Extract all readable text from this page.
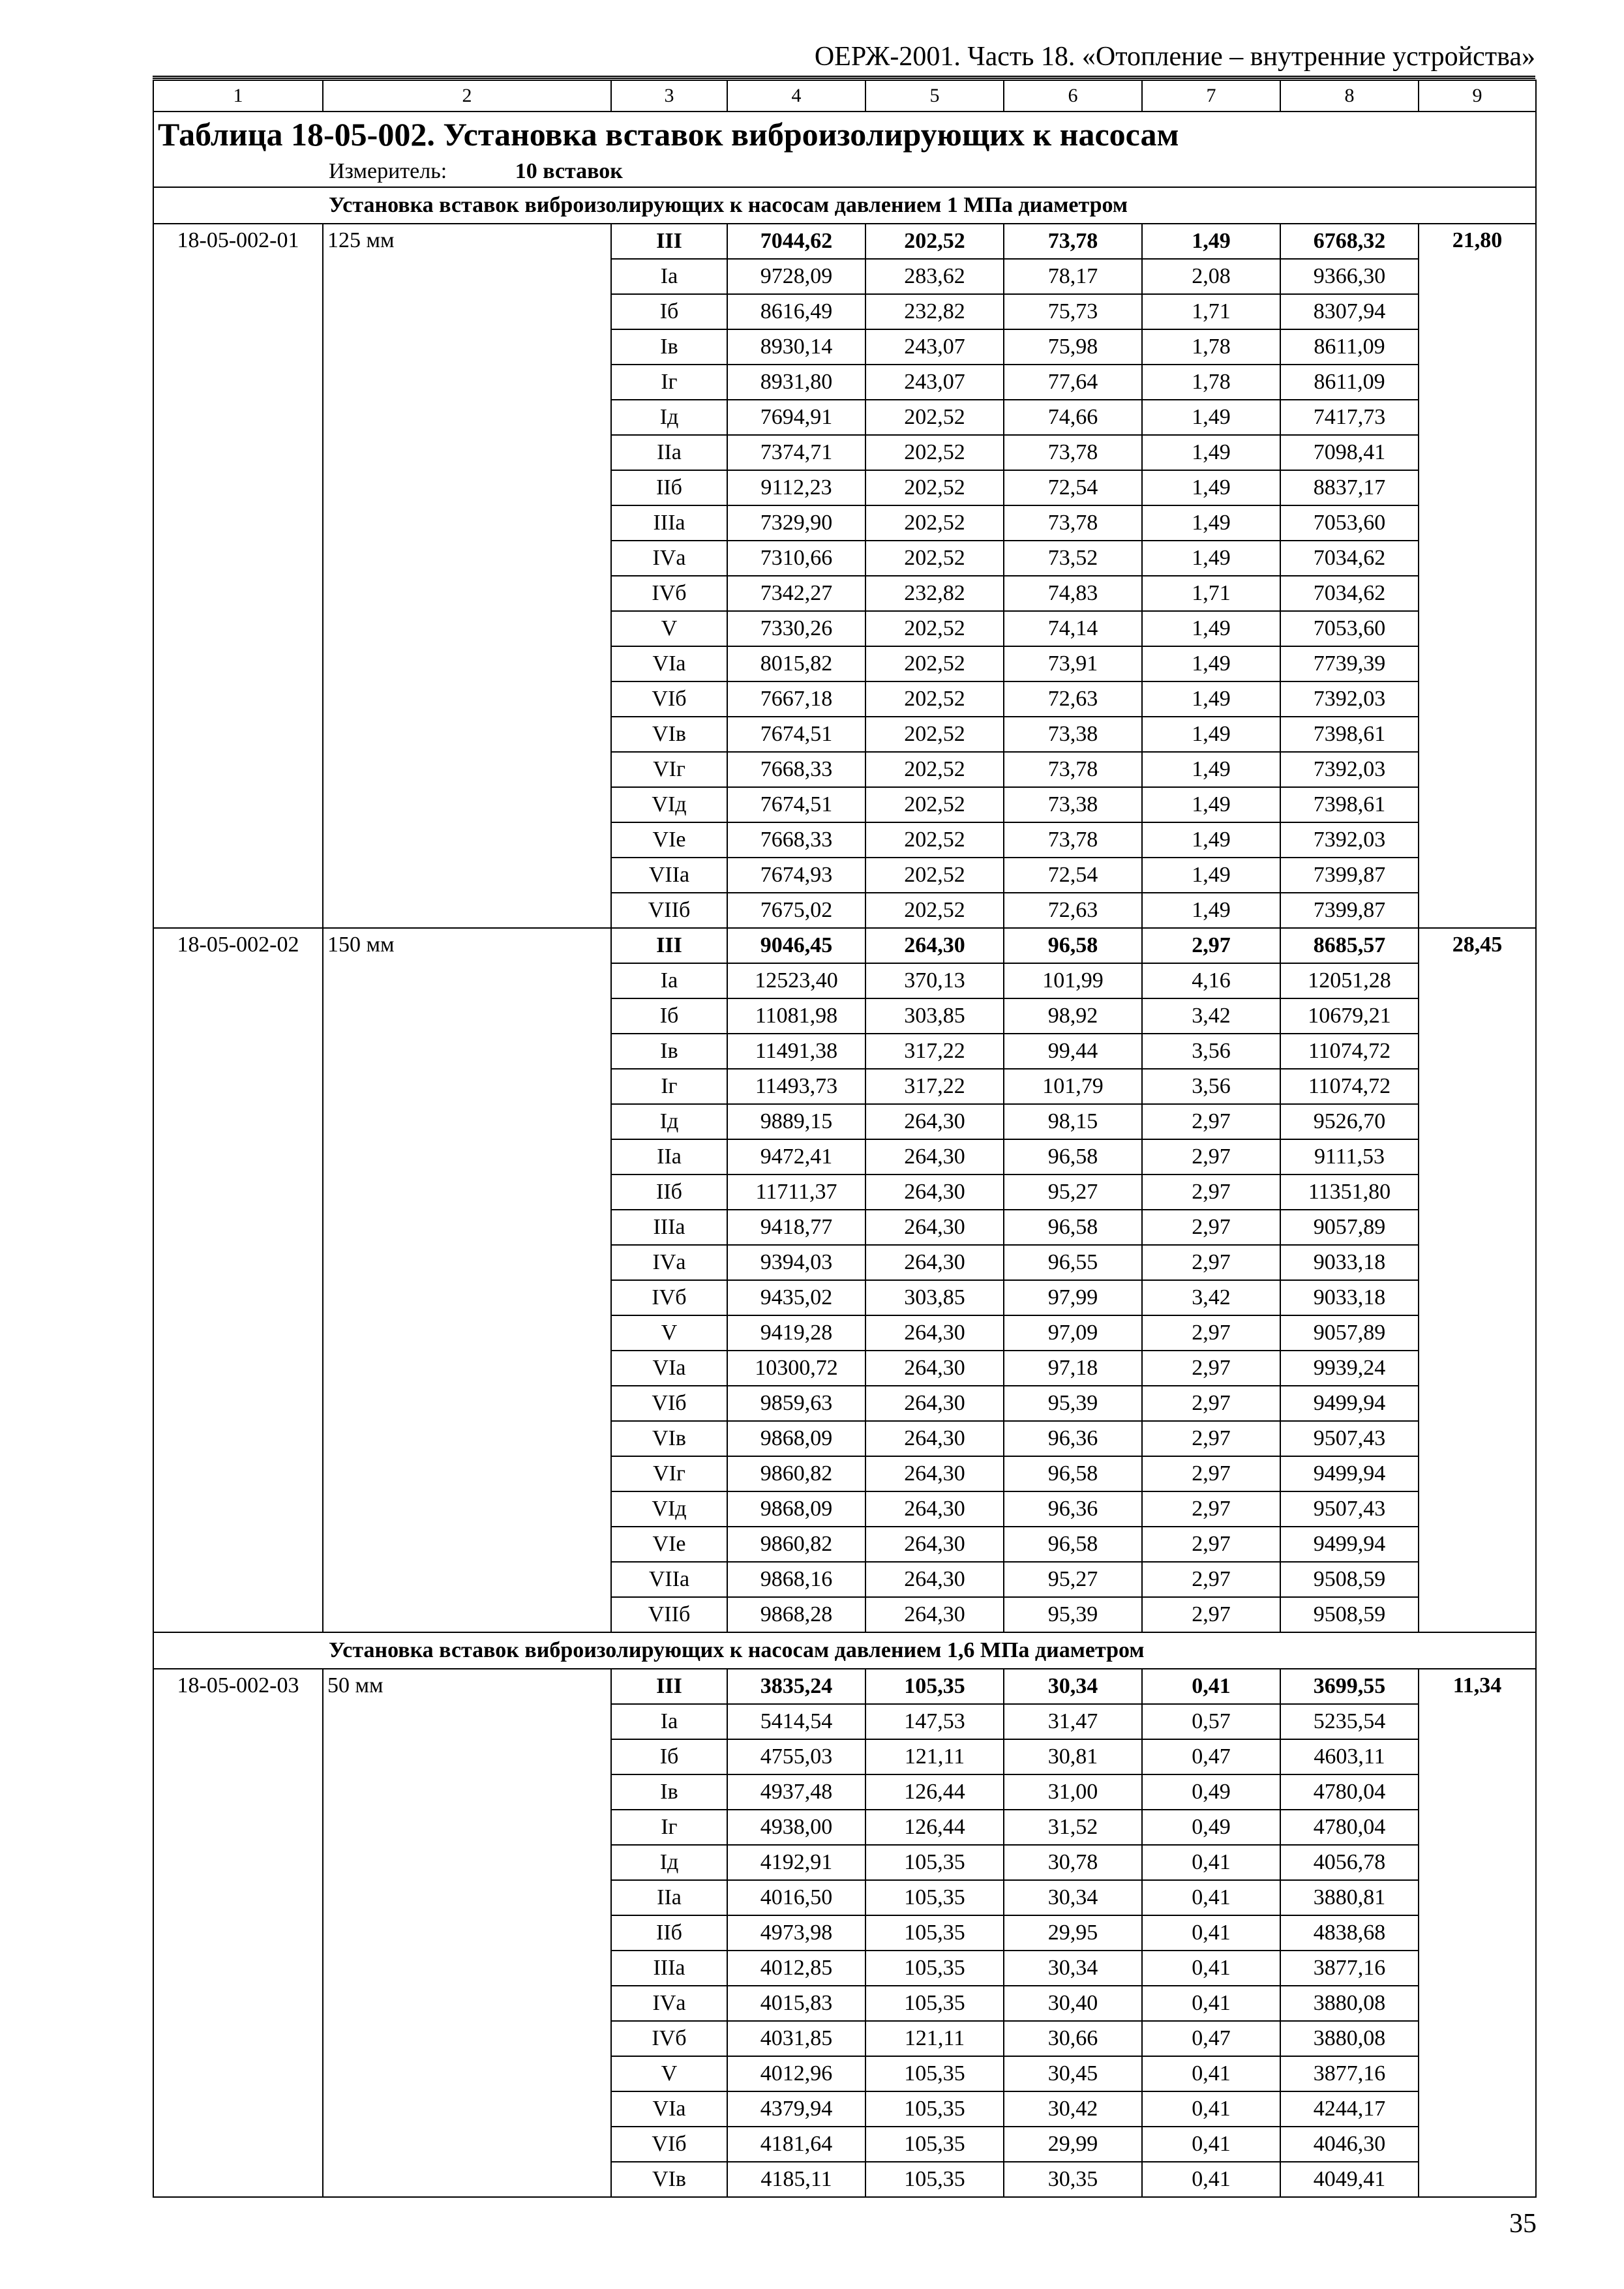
ОЕРЖ-2001. Часть 18. «Отопление – внутренние устройства»
1	2	3	4	5	6	7	8	9

Таблица 18-05-002. Установка вставок виброизолирующих к насосам
Измеритель: 10 вставок								

Установка вставок виброизолирующих к насосам давлением 1 МПа диаметром								
18-05-002-01	125 мм	III	7044,62	202,52	73,78	1,49	6768,32	21,80
		Iа	9728,09	283,62	78,17	2,08	9366,30	
		Iб	8616,49	232,82	75,73	1,71	8307,94	
		Iв	8930,14	243,07	75,98	1,78	8611,09	
		Iг	8931,80	243,07	77,64	1,78	8611,09	
		Iд	7694,91	202,52	74,66	1,49	7417,73	
		IIа	7374,71	202,52	73,78	1,49	7098,41	
		IIб	9112,23	202,52	72,54	1,49	8837,17	
		IIIа	7329,90	202,52	73,78	1,49	7053,60	
		IVа	7310,66	202,52	73,52	1,49	7034,62	
		IVб	7342,27	232,82	74,83	1,71	7034,62	
		V	7330,26	202,52	74,14	1,49	7053,60	
		VIа	8015,82	202,52	73,91	1,49	7739,39	
		VIб	7667,18	202,52	72,63	1,49	7392,03	
		VIв	7674,51	202,52	73,38	1,49	7398,61	
		VIг	7668,33	202,52	73,78	1,49	7392,03	
		VIд	7674,51	202,52	73,38	1,49	7398,61	
		VIе	7668,33	202,52	73,78	1,49	7392,03	
		VIIа	7674,93	202,52	72,54	1,49	7399,87	
		VIIб	7675,02	202,52	72,63	1,49	7399,87	
18-05-002-02	150 мм	III	9046,45	264,30	96,58	2,97	8685,57	28,45
		Iа	12523,40	370,13	101,99	4,16	12051,28	
		Iб	11081,98	303,85	98,92	3,42	10679,21	
		Iв	11491,38	317,22	99,44	3,56	11074,72	
		Iг	11493,73	317,22	101,79	3,56	11074,72	
		Iд	9889,15	264,30	98,15	2,97	9526,70	
		IIа	9472,41	264,30	96,58	2,97	9111,53	
		IIб	11711,37	264,30	95,27	2,97	11351,80	
		IIIа	9418,77	264,30	96,58	2,97	9057,89	
		IVа	9394,03	264,30	96,55	2,97	9033,18	
		IVб	9435,02	303,85	97,99	3,42	9033,18	
		V	9419,28	264,30	97,09	2,97	9057,89	
		VIа	10300,72	264,30	97,18	2,97	9939,24	
		VIб	9859,63	264,30	95,39	2,97	9499,94	
		VIв	9868,09	264,30	96,36	2,97	9507,43	
		VIг	9860,82	264,30	96,58	2,97	9499,94	
		VIд	9868,09	264,30	96,36	2,97	9507,43	
		VIе	9860,82	264,30	96,58	2,97	9499,94	
		VIIа	9868,16	264,30	95,27	2,97	9508,59	
		VIIб	9868,28	264,30	95,39	2,97	9508,59	
Установка вставок виброизолирующих к насосам давлением 1,6 МПа диаметром								
18-05-002-03	50 мм	III	3835,24	105,35	30,34	0,41	3699,55	11,34
		Iа	5414,54	147,53	31,47	0,57	5235,54	
		Iб	4755,03	121,11	30,81	0,47	4603,11	
		Iв	4937,48	126,44	31,00	0,49	4780,04	
		Iг	4938,00	126,44	31,52	0,49	4780,04	
		Iд	4192,91	105,35	30,78	0,41	4056,78	
		IIа	4016,50	105,35	30,34	0,41	3880,81	
		IIб	4973,98	105,35	29,95	0,41	4838,68	
		IIIа	4012,85	105,35	30,34	0,41	3877,16	
		IVа	4015,83	105,35	30,40	0,41	3880,08	
		IVб	4031,85	121,11	30,66	0,47	3880,08	
		V	4012,96	105,35	30,45	0,41	3877,16	
		VIа	4379,94	105,35	30,42	0,41	4244,17	
		VIб	4181,64	105,35	29,99	0,41	4046,30	
		VIв	4185,11	105,35	30,35	0,41	4049,41	
35
